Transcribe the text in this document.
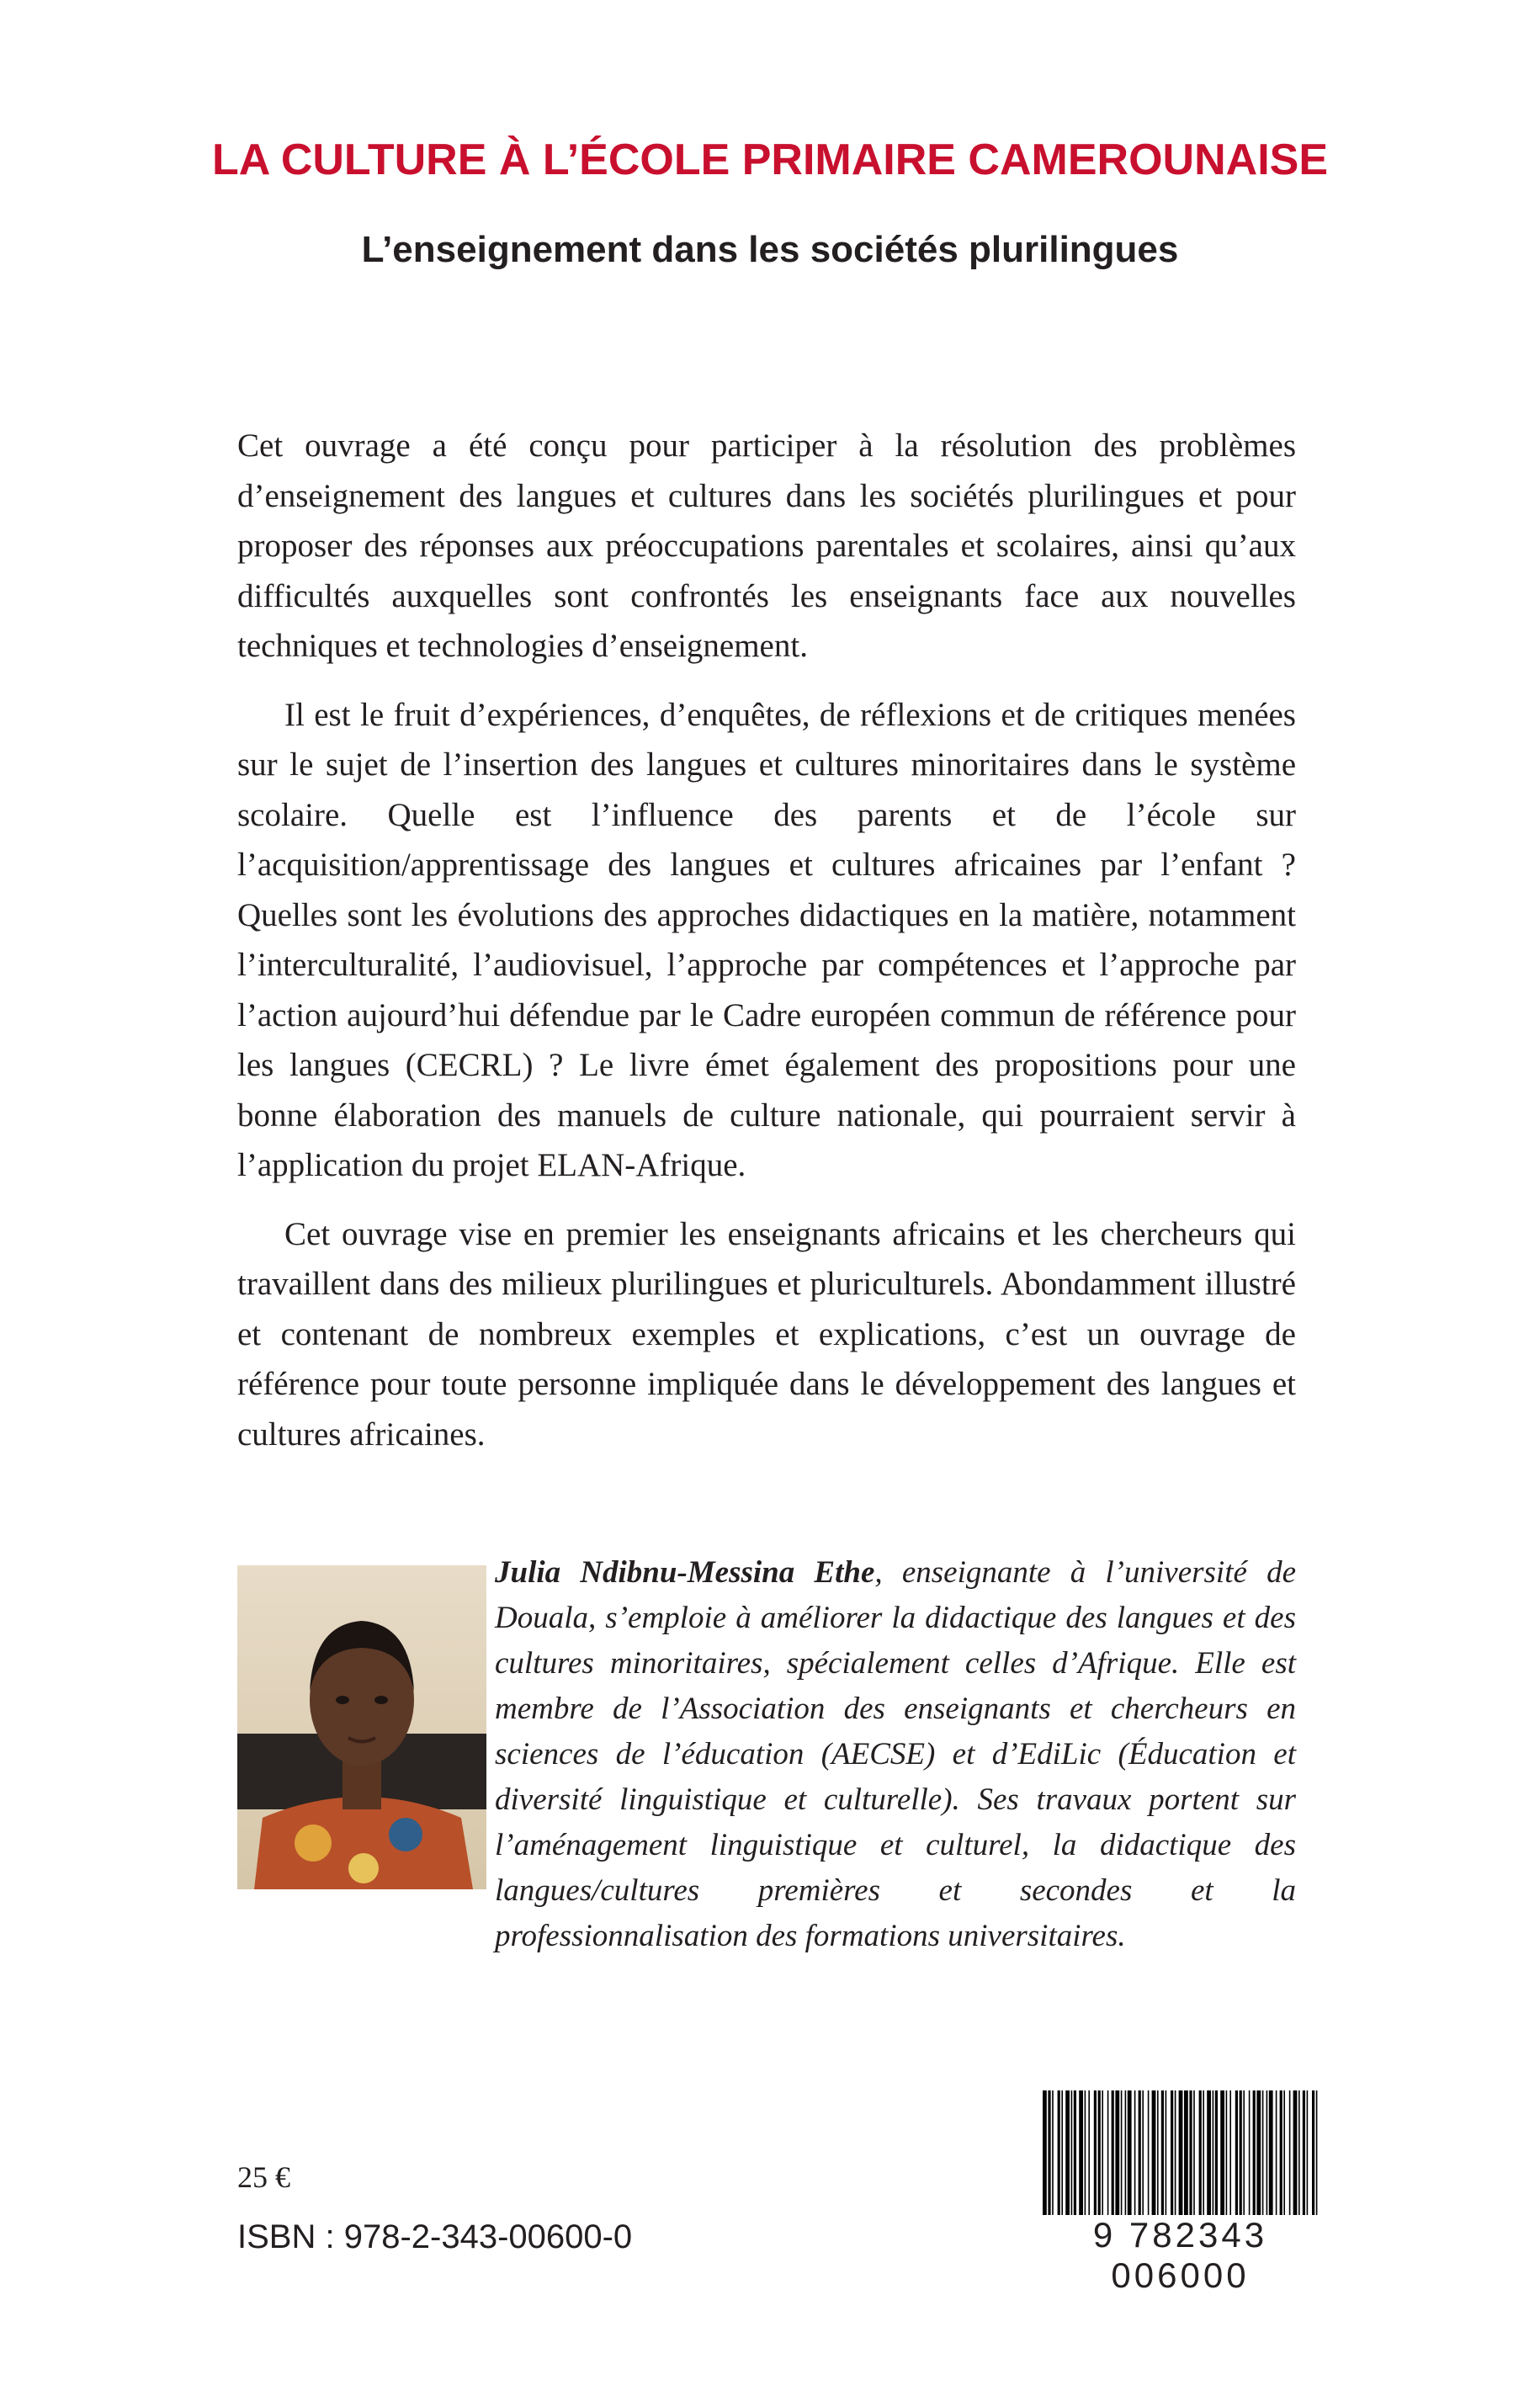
LA CULTURE À L’ÉCOLE PRIMAIRE CAMEROUNAISE
L’enseignement dans les sociétés plurilingues

Cet ouvrage a été conçu pour participer à la résolution des problèmes d’enseignement des langues et cultures dans les sociétés plurilingues et pour proposer des réponses aux préoccupations parentales et scolaires, ainsi qu’aux difficultés auxquelles sont confrontés les enseignants face aux nouvelles techniques et technologies d’enseignement.

Il est le fruit d’expériences, d’enquêtes, de réflexions et de critiques menées sur le sujet de l’insertion des langues et cultures minoritaires dans le système scolaire. Quelle est l’influence des parents et de l’école sur l’acquisition/apprentissage des langues et cultures africaines par l’enfant ? Quelles sont les évolutions des approches didactiques en la matière, notamment l’interculturalité, l’audiovisuel, l’approche par compétences et l’approche par l’action aujourd’hui défendue par le Cadre européen commun de référence pour les langues (CECRL) ? Le livre émet également des propositions pour une bonne élaboration des manuels de culture nationale, qui pourraient servir à l’application du projet ELAN-Afrique.

Cet ouvrage vise en premier les enseignants africains et les chercheurs qui travaillent dans des milieux plurilingues et pluriculturels. Abondamment illustré et contenant de nombreux exemples et explications, c’est un ouvrage de référence pour toute personne impliquée dans le développement des langues et cultures africaines.

Julia Ndibnu-Messina Ethe, enseignante à l’université de Douala, s’emploie à améliorer la didactique des langues et des cultures minoritaires, spécialement celles d’Afrique. Elle est membre de l’Association des enseignants et chercheurs en sciences de l’éducation (AECSE) et d’EdiLic (Éducation et diversité linguistique et culturelle). Ses travaux portent sur l’aménagement linguistique et culturel, la didactique des langues/cultures premières et secondes et la professionnalisation des formations universitaires.

25 €

ISBN : 978-2-343-00600-0	9 782343 006000
